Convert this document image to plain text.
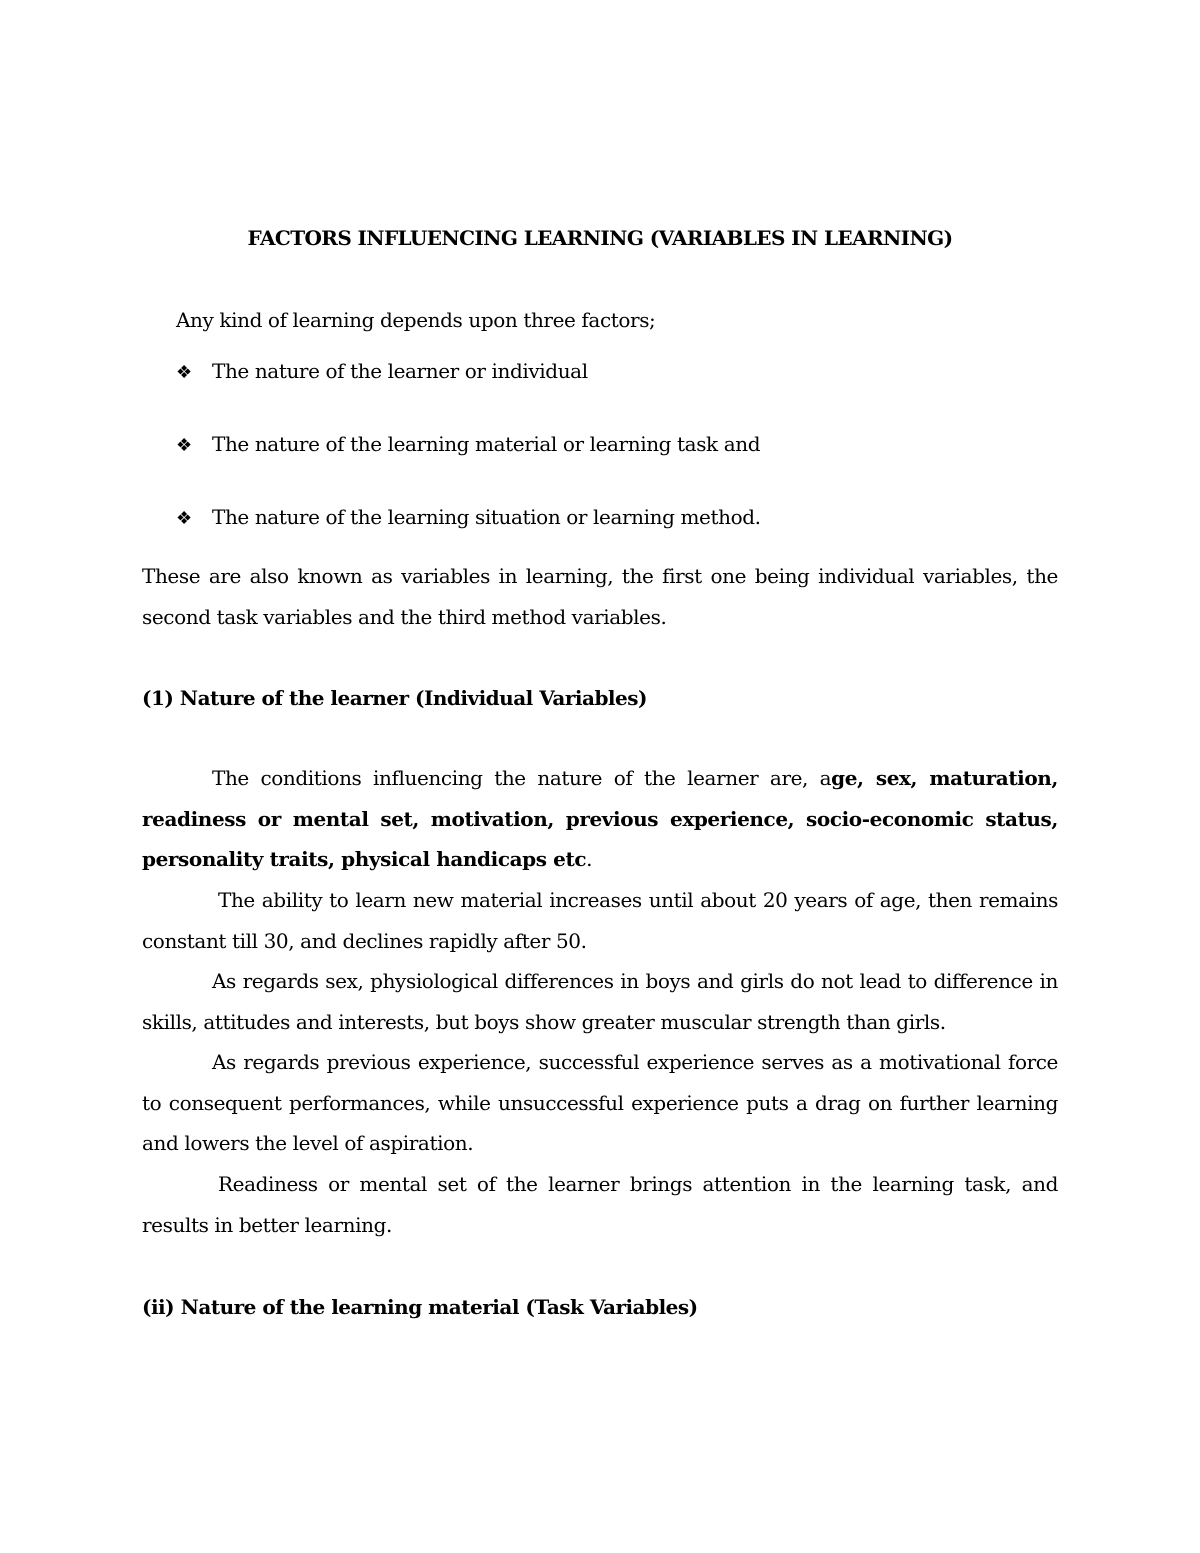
FACTORS INFLUENCING LEARNING (VARIABLES IN LEARNING)
Any kind of learning depends upon three factors;
❖ The nature of the learner or individual
❖ The nature of the learning material or learning task and
❖ The nature of the learning situation or learning method.
These are also known as variables in learning, the first one being individual variables, the second task variables and the third method variables.
(1) Nature of the learner (Individual Variables)
The conditions influencing the nature of the learner are, age, sex, maturation, readiness or mental set, motivation, previous experience, socio-economic status, personality traits, physical handicaps etc.
The ability to learn new material increases until about 20 years of age, then remains constant till 30, and declines rapidly after 50.
As regards sex, physiological differences in boys and girls do not lead to difference in skills, attitudes and interests, but boys show greater muscular strength than girls.
As regards previous experience, successful experience serves as a motivational force to consequent performances, while unsuccessful experience puts a drag on further learning and lowers the level of aspiration.
Readiness or mental set of the learner brings attention in the learning task, and results in better learning.
(ii) Nature of the learning material (Task Variables)
